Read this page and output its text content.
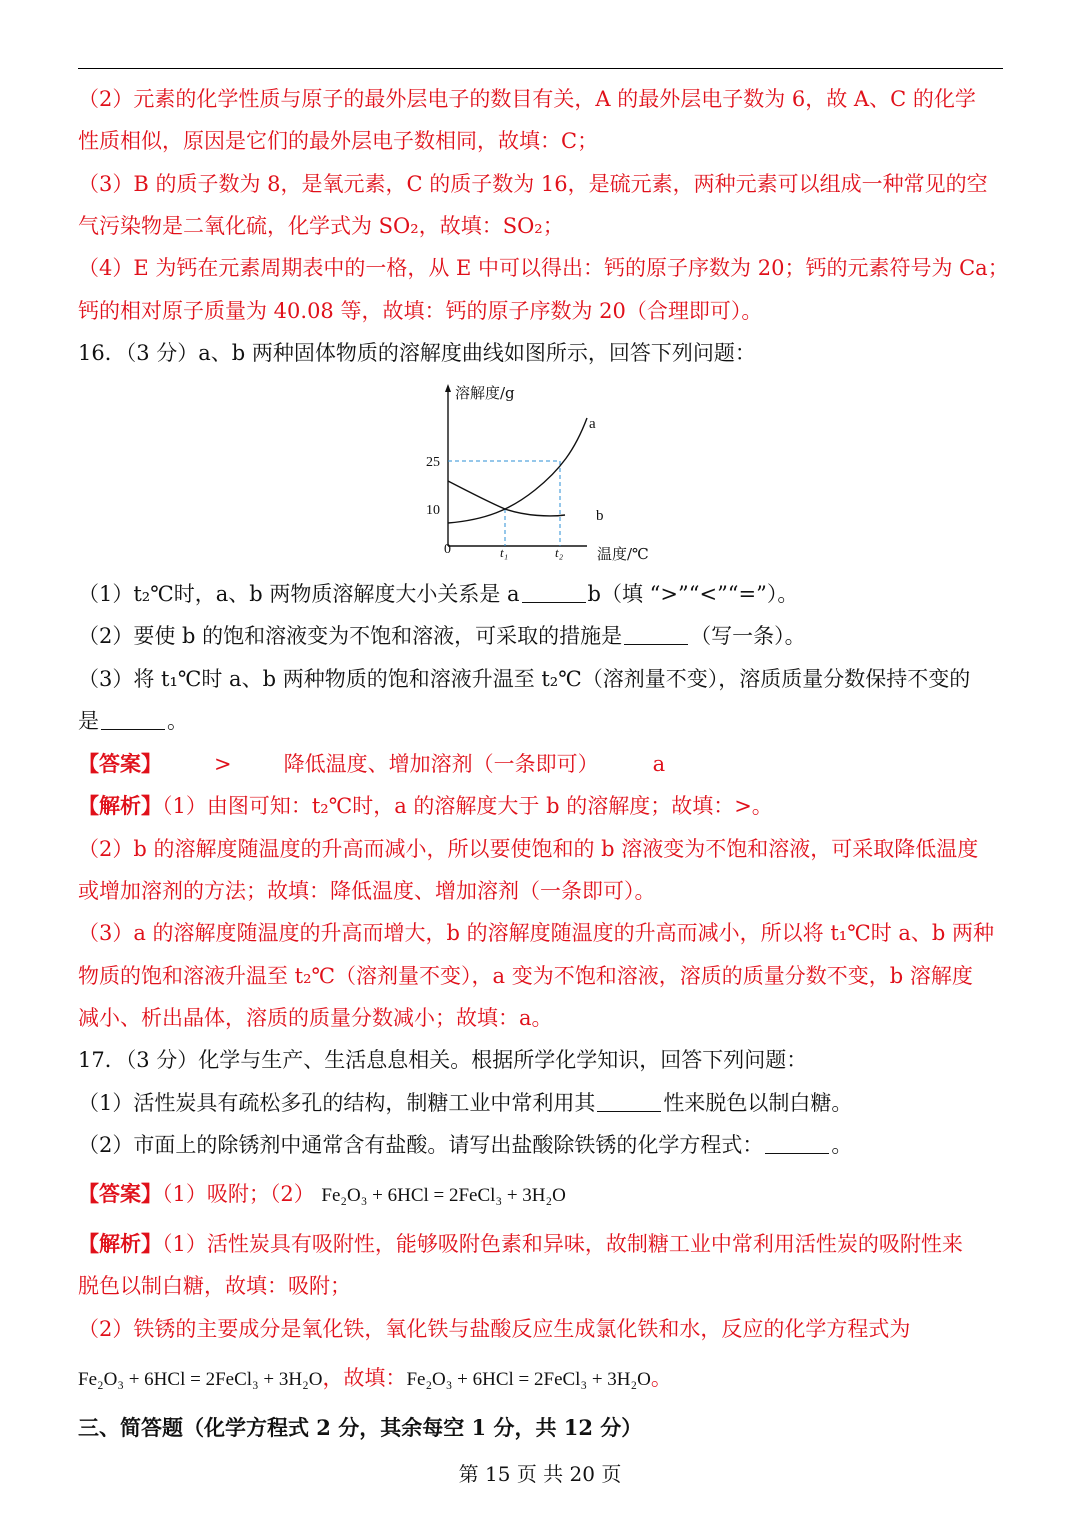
（2）元素的化学性质与原子的最外层电子的数目有关，A 的最外层电子数为 6，故 A、C 的化学
性质相似，原因是它们的最外层电子数相同，故填：C；
（3）B 的质子数为 8，是氧元素，C 的质子数为 16，是硫元素，两种元素可以组成一种常见的空
气污染物是二氧化硫，化学式为 SO₂，故填：SO₂；
（4）E 为钙在元素周期表中的一格，从 E 中可以得出：钙的原子序数为 20；钙的元素符号为 Ca；
钙的相对原子质量为 40.08 等，故填：钙的原子序数为 20（合理即可）。
16．（3 分）a、b 两种固体物质的溶解度曲线如图所示，回答下列问题：
溶解度/g
温度/℃
0
10
25
t₁	t₂
a
b
（1）t₂℃时，a、b 两物质溶解度大小关系是 a	b（填 “>”“<”“=”）。
（2）要使 b 的饱和溶液变为不饱和溶液，可采取的措施是	（写一条）。
（3）将 t₁℃时 a、b 两种物质的饱和溶液升温至 t₂℃（溶剂量不变），溶质质量分数保持不变的
是	。
【答案】 > 降低温度、增加溶剂（一条即可）	a
【解析】（1）由图可知：t₂℃时，a 的溶解度大于 b 的溶解度；故填：>。
（2）b 的溶解度随温度的升高而减小，所以要使饱和的 b 溶液变为不饱和溶液，可采取降低温度
或增加溶剂的方法；故填：降低温度、增加溶剂（一条即可）。
（3）a 的溶解度随温度的升高而增大，b 的溶解度随温度的升高而减小，所以将 t₁℃时 a、b 两种
物质的饱和溶液升温至 t₂℃（溶剂量不变），a 变为不饱和溶液，溶质的质量分数不变，b 溶解度
减小、析出晶体，溶质的质量分数减小；故填：a。
17．（3 分）化学与生产、生活息息相关。根据所学化学知识，回答下列问题：
（1）活性炭具有疏松多孔的结构，制糖工业中常利用其	性来脱色以制白糖。
（2）市面上的除锈剂中通常含有盐酸。请写出盐酸除铁锈的化学方程式：	。
【答案】（1）吸附；（2） Fe₂O₃ + 6HCl = 2FeCl₃ + 3H₂O
【解析】（1）活性炭具有吸附性，能够吸附色素和异味，故制糖工业中常利用活性炭的吸附性来
脱色以制白糖，故填：吸附；
（2）铁锈的主要成分是氧化铁，氧化铁与盐酸反应生成氯化铁和水，反应的化学方程式为
Fe₂O₃ + 6HCl = 2FeCl₃ + 3H₂O，故填：Fe₂O₃ + 6HCl = 2FeCl₃ + 3H₂O。
三、简答题（化学方程式 2 分，其余每空 1 分，共 12 分）
第 15 页 共 20 页
